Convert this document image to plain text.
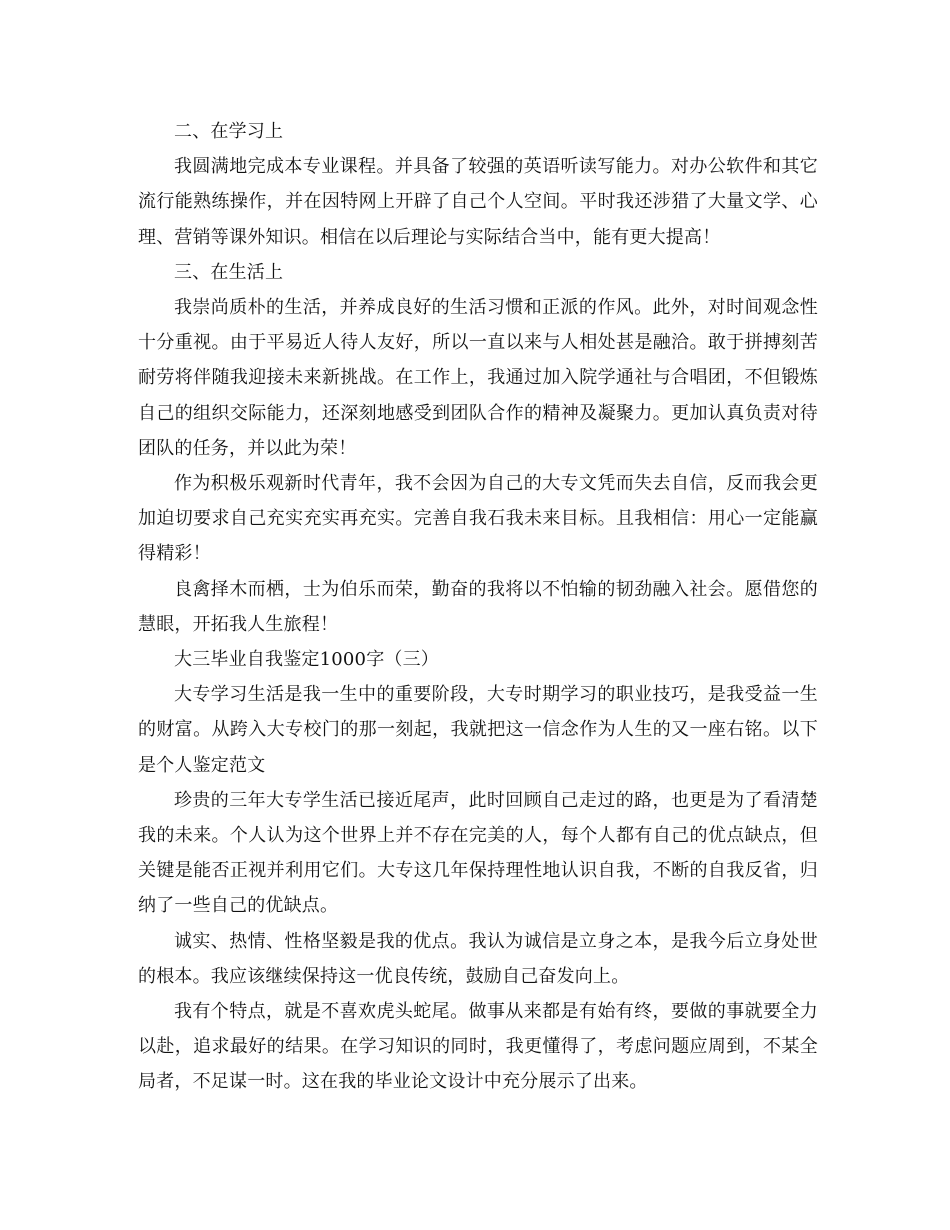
二、在学习上

我圆满地完成本专业课程。并具备了较强的英语听读写能力。对办公软件和其它流行能熟练操作，并在因特网上开辟了自己个人空间。平时我还涉猎了大量文学、心理、营销等课外知识。相信在以后理论与实际结合当中，能有更大提高！

三、在生活上

我崇尚质朴的生活，并养成良好的生活习惯和正派的作风。此外，对时间观念性十分重视。由于平易近人待人友好，所以一直以来与人相处甚是融洽。敢于拼搏刻苦耐劳将伴随我迎接未来新挑战。在工作上，我通过加入院学通社与合唱团，不但锻炼自己的组织交际能力，还深刻地感受到团队合作的精神及凝聚力。更加认真负责对待团队的任务，并以此为荣！

作为积极乐观新时代青年，我不会因为自己的大专文凭而失去自信，反而我会更加迫切要求自己充实充实再充实。完善自我石我未来目标。且我相信：用心一定能赢得精彩！

良禽择木而栖，士为伯乐而荣，勤奋的我将以不怕输的韧劲融入社会。愿借您的慧眼，开拓我人生旅程！

大三毕业自我鉴定1000字（三）

大专学习生活是我一生中的重要阶段，大专时期学习的职业技巧，是我受益一生的财富。从跨入大专校门的那一刻起，我就把这一信念作为人生的又一座右铭。以下是个人鉴定范文

珍贵的三年大专学生活已接近尾声，此时回顾自己走过的路，也更是为了看清楚我的未来。个人认为这个世界上并不存在完美的人，每个人都有自己的优点缺点，但关键是能否正视并利用它们。大专这几年保持理性地认识自我，不断的自我反省，归纳了一些自己的优缺点。

诚实、热情、性格坚毅是我的优点。我认为诚信是立身之本，是我今后立身处世的根本。我应该继续保持这一优良传统，鼓励自己奋发向上。

我有个特点，就是不喜欢虎头蛇尾。做事从来都是有始有终，要做的事就要全力以赴，追求最好的结果。在学习知识的同时，我更懂得了，考虑问题应周到，不某全局者，不足谋一时。这在我的毕业论文设计中充分展示了出来。
